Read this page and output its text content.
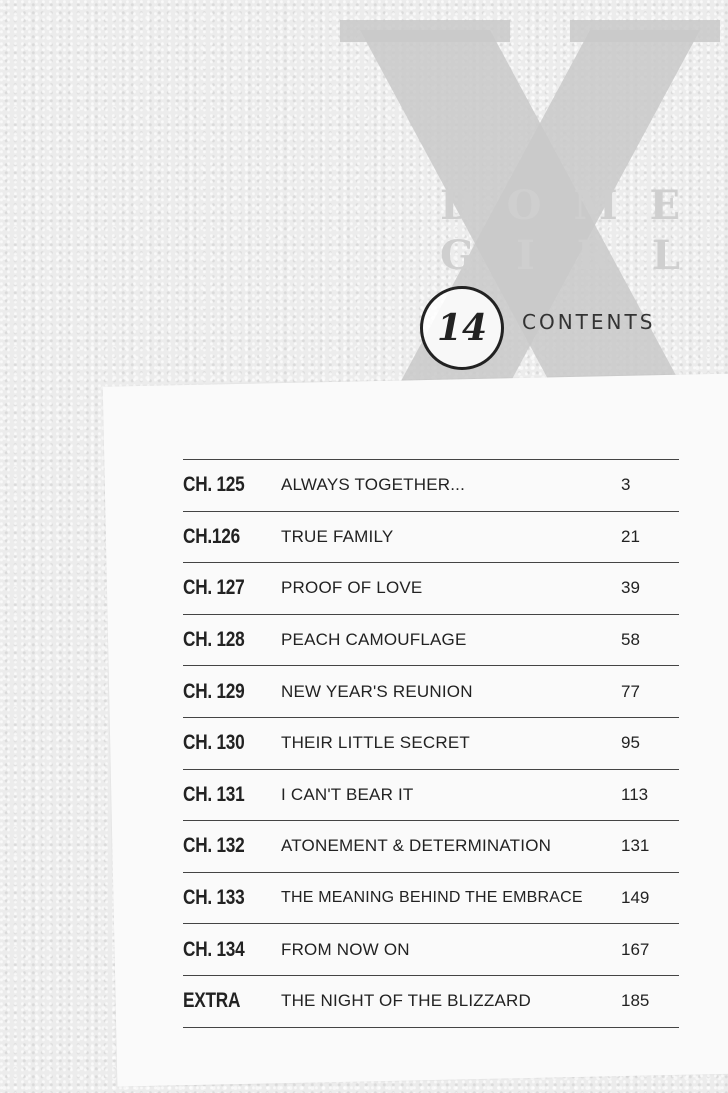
D O M E
G I R L
14 CONTENTS
CH. 125	ALWAYS TOGETHER...	3
CH.126	TRUE FAMILY	21
CH. 127	PROOF OF LOVE	39
CH. 128	PEACH CAMOUFLAGE	58
CH. 129	NEW YEAR'S REUNION	77
CH. 130	THEIR LITTLE SECRET	95
CH. 131	I CAN'T BEAR IT	113
CH. 132	ATONEMENT & DETERMINATION	131
CH. 133	THE MEANING BEHIND THE EMBRACE	149
CH. 134	FROM NOW ON	167
EXTRA	THE NIGHT OF THE BLIZZARD	185
